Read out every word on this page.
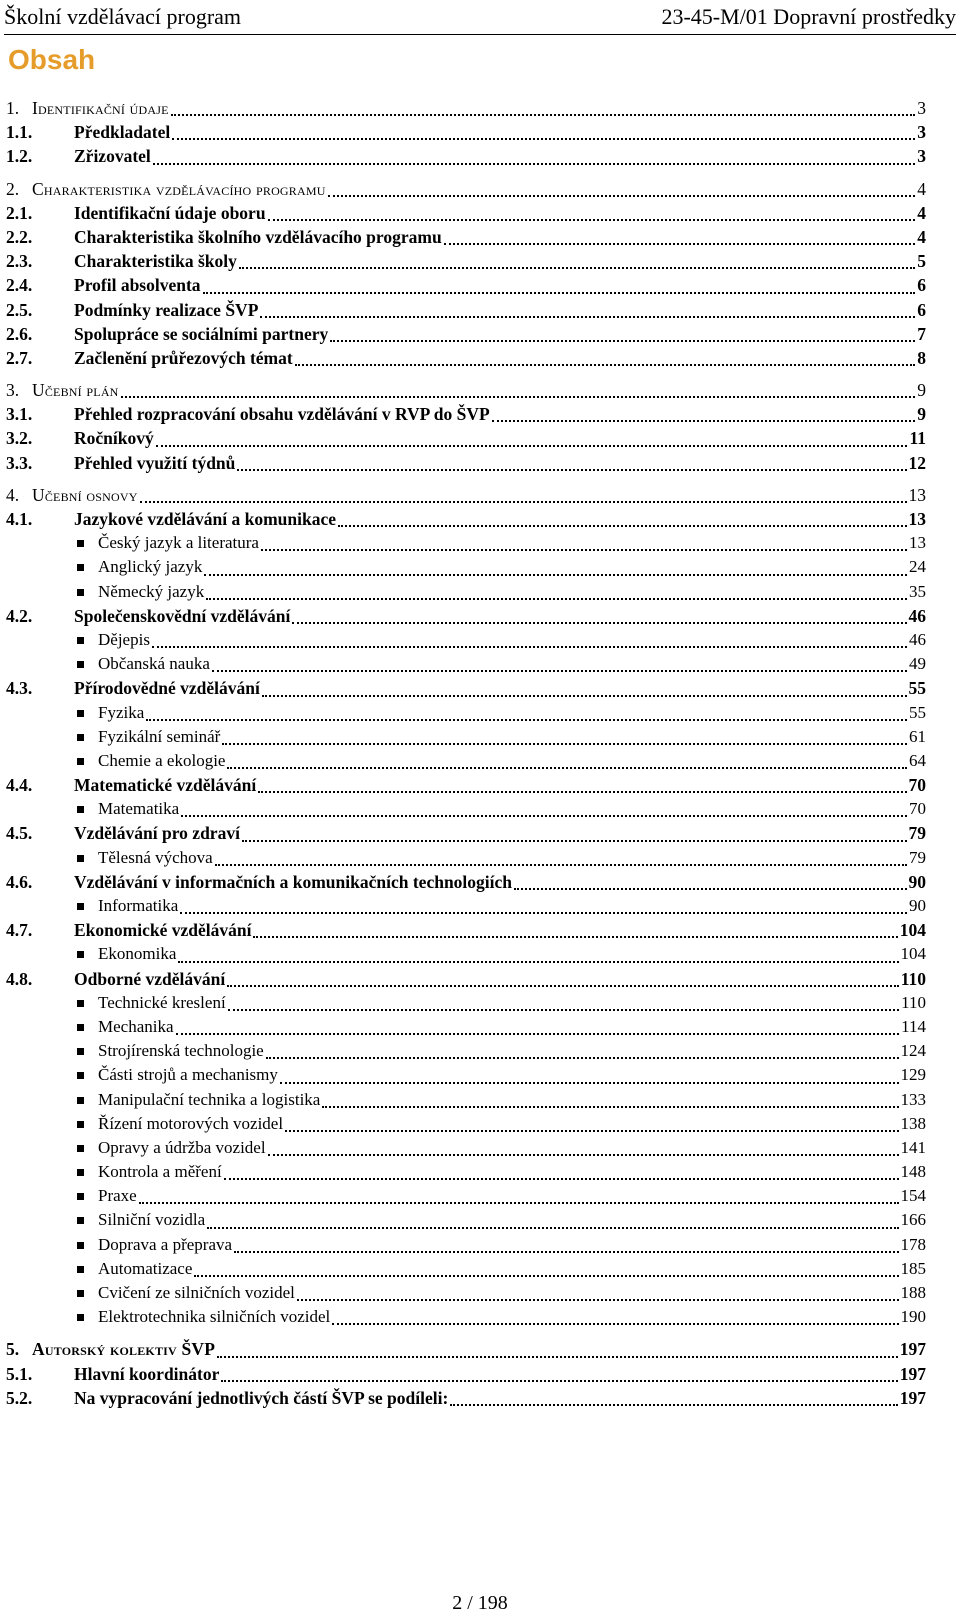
Školní vzdělávací program	23-45-M/01 Dopravní prostředky
Obsah
1. Identifikační údaje	3
1.1.	Předkladatel	3
1.2.	Zřizovatel	3
2. Charakteristika vzdělávacího programu	4
2.1.	Identifikační údaje oboru	4
2.2.	Charakteristika školního vzdělávacího programu	4
2.3.	Charakteristika školy	5
2.4.	Profil absolventa	6
2.5.	Podmínky realizace ŠVP	6
2.6.	Spolupráce se sociálními partnery	7
2.7.	Začlenění průřezových témat	8
3. Učební plán	9
3.1.	Přehled rozpracování obsahu vzdělávání v RVP do ŠVP	9
3.2.	Ročníkový	11
3.3.	Přehled využití týdnů	12
4. Učební osnovy	13
4.1.	Jazykové vzdělávání a komunikace	13
Český jazyk a literatura	13
Anglický jazyk	24
Německý jazyk	35
4.2.	Společenskovědní vzdělávání	46
Dějepis	46
Občanská nauka	49
4.3.	Přírodovědné vzdělávání	55
Fyzika	55
Fyzikální seminář	61
Chemie a ekologie	64
4.4.	Matematické vzdělávání	70
Matematika	70
4.5.	Vzdělávání pro zdraví	79
Tělesná výchova	79
4.6.	Vzdělávání v informačních a komunikačních technologiích	90
Informatika	90
4.7.	Ekonomické vzdělávání	104
Ekonomika	104
4.8.	Odborné vzdělávání	110
Technické kreslení	110
Mechanika	114
Strojírenská technologie	124
Části strojů a mechanismy	129
Manipulační technika a logistika	133
Řízení motorových vozidel	138
Opravy a údržba vozidel	141
Kontrola a měření	148
Praxe	154
Silniční vozidla	166
Doprava a přeprava	178
Automatizace	185
Cvičení ze silničních vozidel	188
Elektrotechnika silničních vozidel	190
5. Autorský kolektiv ŠVP	197
5.1.	Hlavní koordinátor	197
5.2.	Na vypracování jednotlivých částí ŠVP se podíleli:	197
2 / 198
